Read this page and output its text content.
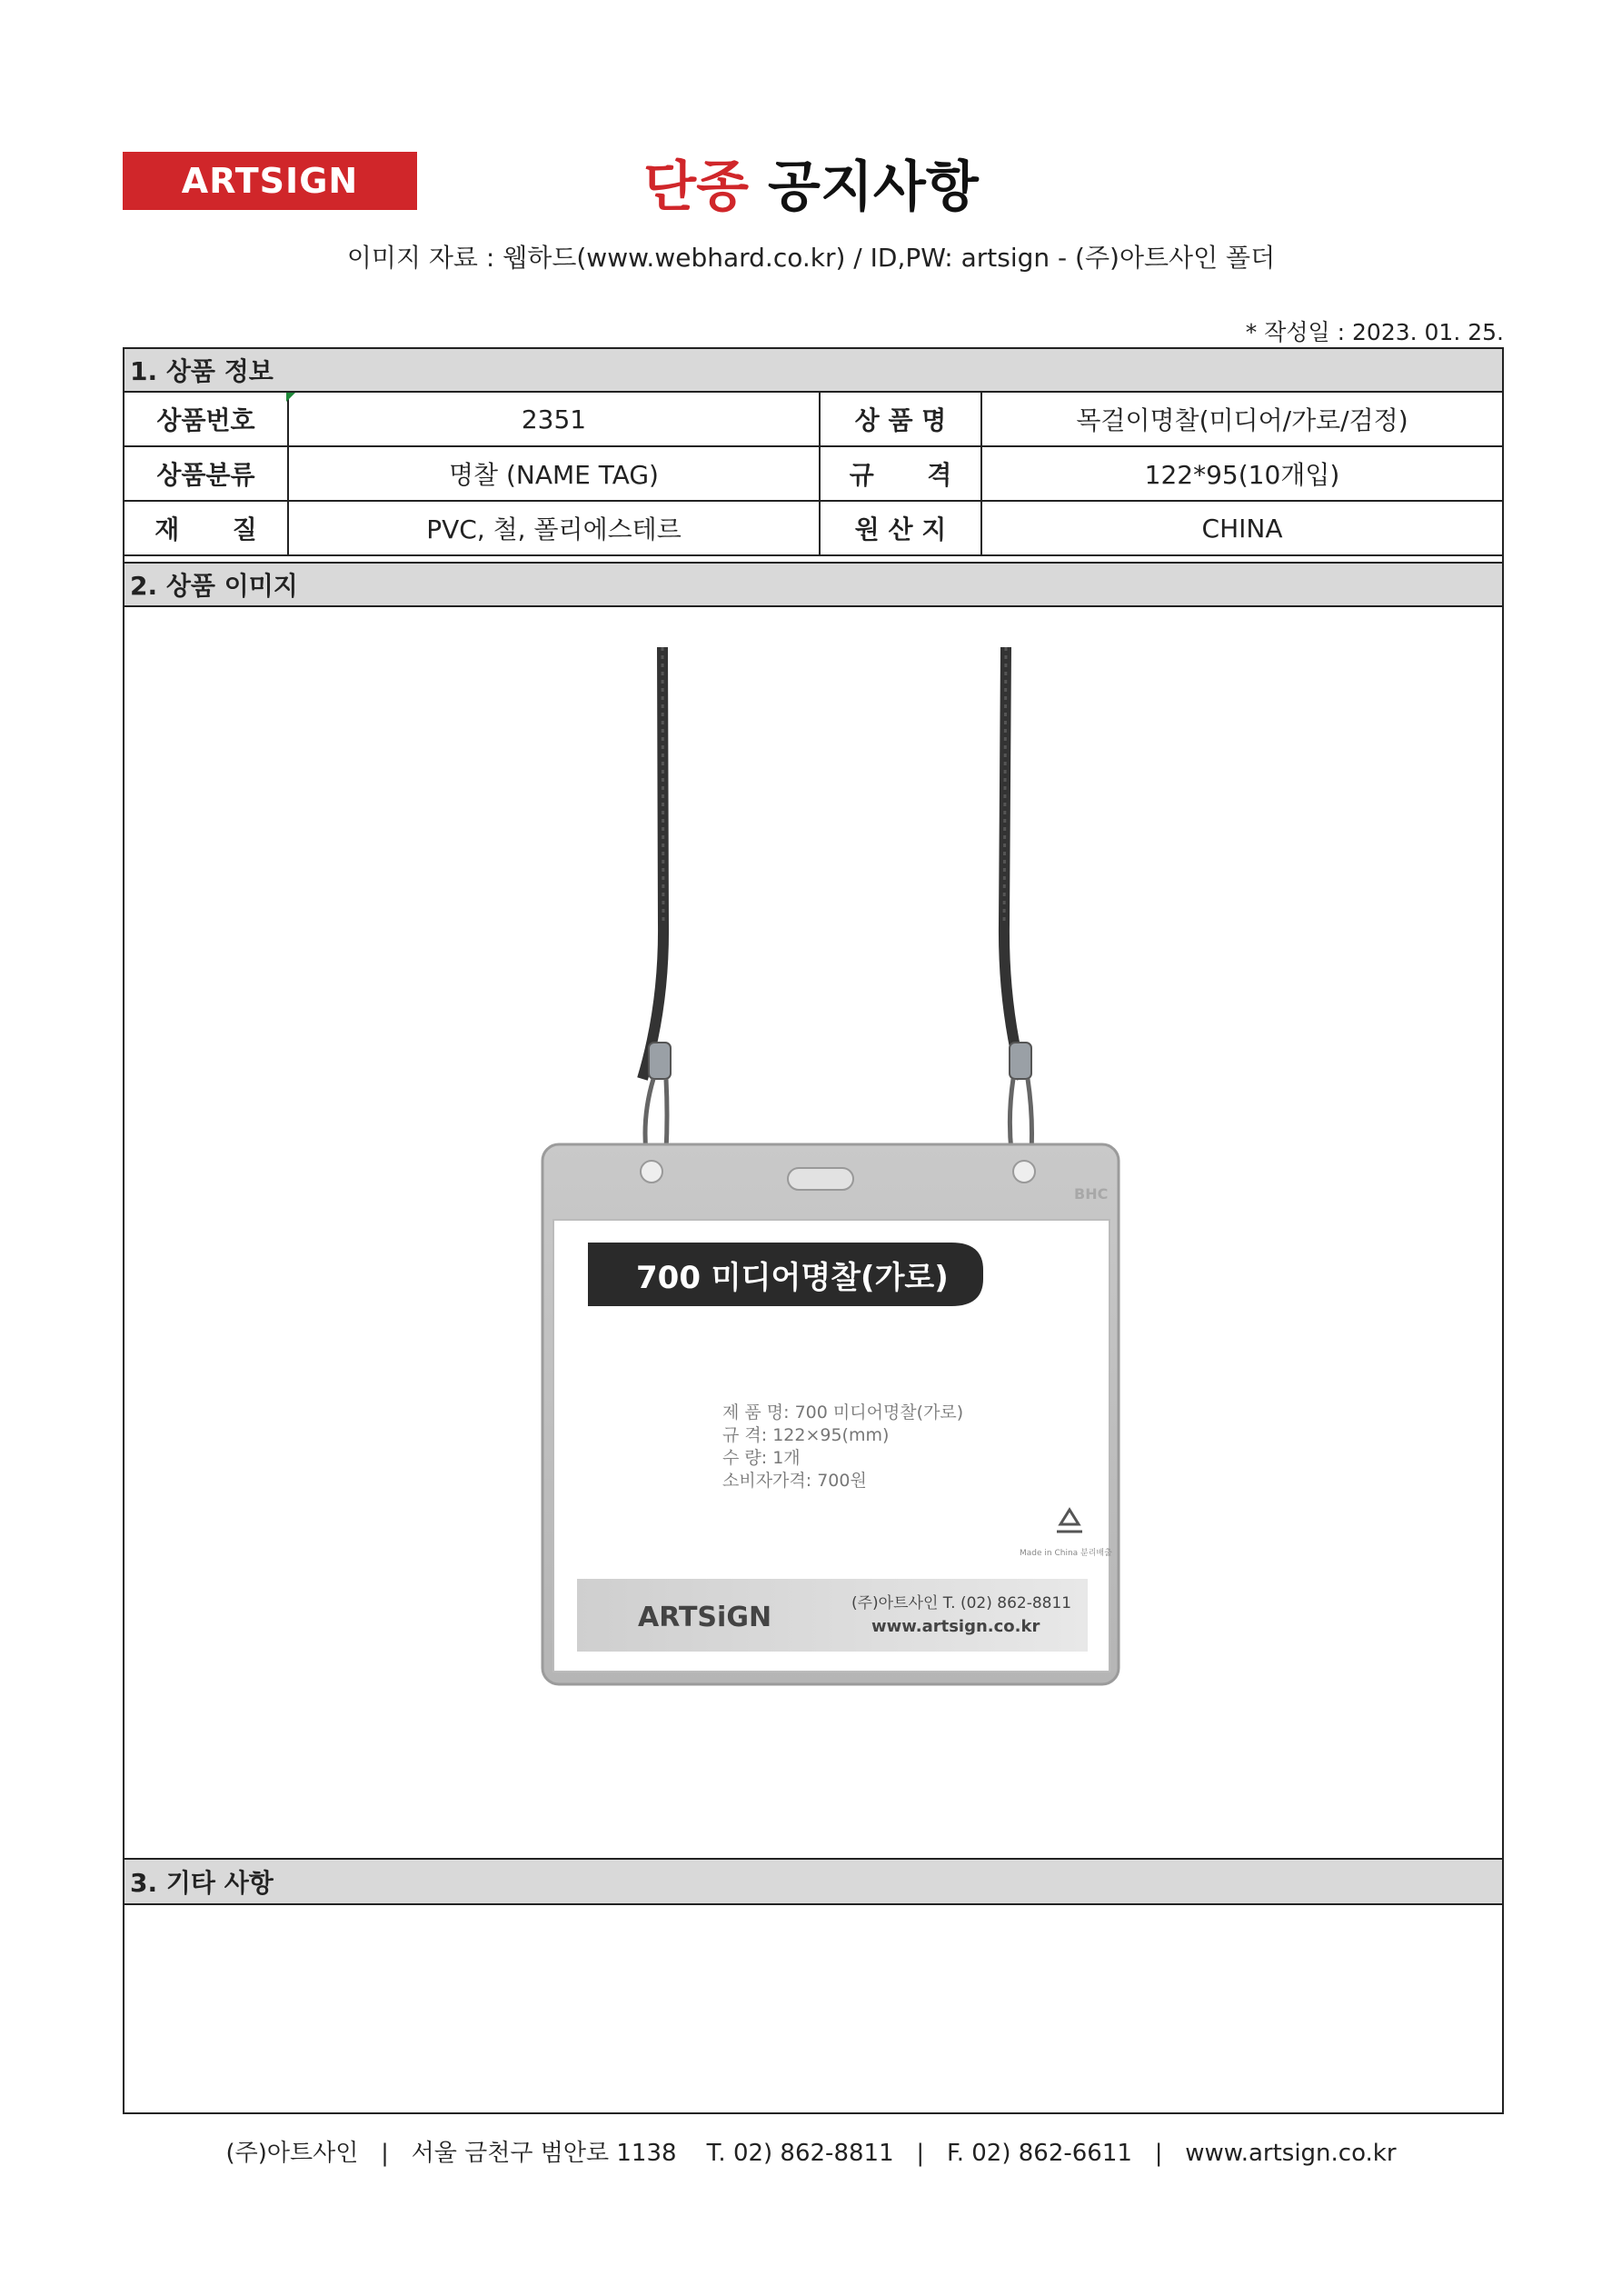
ARTSIGN	단종 공지사항
이미지 자료 : 웹하드(www.webhard.co.kr) / ID,PW: artsign - (주)아트사인 폴더
* 작성일 : 2023. 01. 25.
1. 상품 정보
상품번호	2351	상 품 명	목걸이명찰(미디어/가로/검정)
상품분류	명찰 (NAME TAG)	규      격	122*95(10개입)
재      질	PVC, 철, 폴리에스테르	원 산 지	CHINA
2. 상품 이미지
BHC
700 미디어명찰(가로)
제 품 명: 700 미디어명찰(가로)
규 격: 122×95(mm)
수 량: 1개
소비자가격: 700원
Made in China 분리배출
ARTSiGN	(주)아트사인 T. (02) 862-8811
www.artsign.co.kr
3. 기타 사항
(주)아트사인   |   서울 금천구 범안로 1138    T. 02) 862-8811   |   F. 02) 862-6611   |   www.artsign.co.kr
